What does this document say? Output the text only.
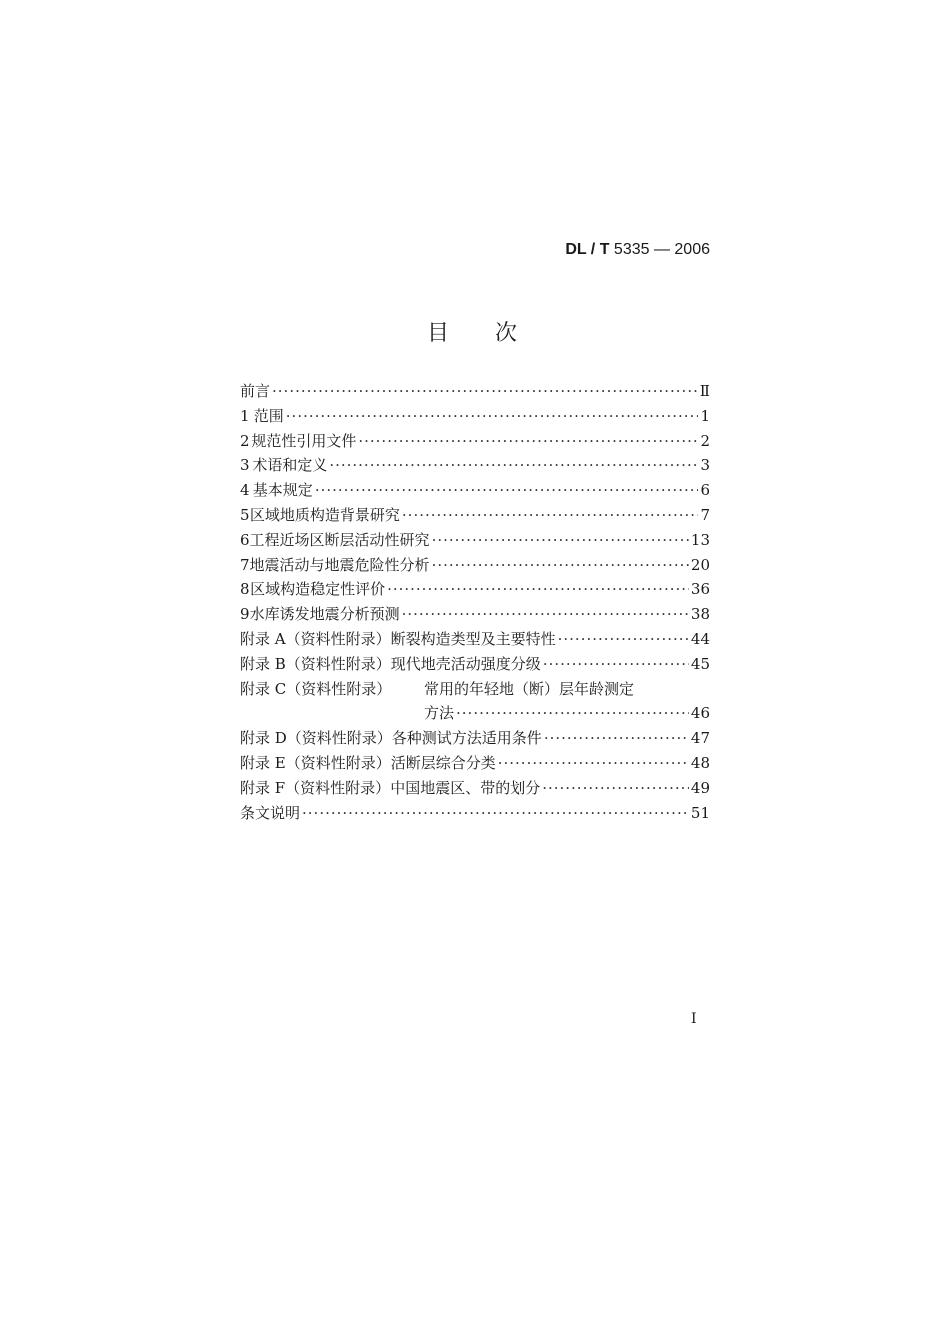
DL / T 5335 — 2006
目次
前言 ·····	Ⅱ
1 范围 ·····	1
2 规范性引用文件 ·····	2
3 术语和定义 ·····	3
4 基本规定 ·····	6
5 区域地质构造背景研究 ·····	7
6 工程近场区断层活动性研究 ·····	13
7 地震活动与地震危险性分析 ·····	20
8 区域构造稳定性评价 ·····	36
9 水库诱发地震分析预测 ·····	38
附录 A（资料性附录） 断裂构造类型及主要特性 ·····	44
附录 B（资料性附录） 现代地壳活动强度分级 ·····	45
附录 C（资料性附录）	常用的年轻地（断）层年龄测定
方法 ·····	46
附录 D（资料性附录） 各种测试方法适用条件 ·····	47
附录 E（资料性附录） 活断层综合分类 ·····	48
附录 F（资料性附录） 中国地震区、带的划分 ·····	49
条文说明 ·····	51
I
